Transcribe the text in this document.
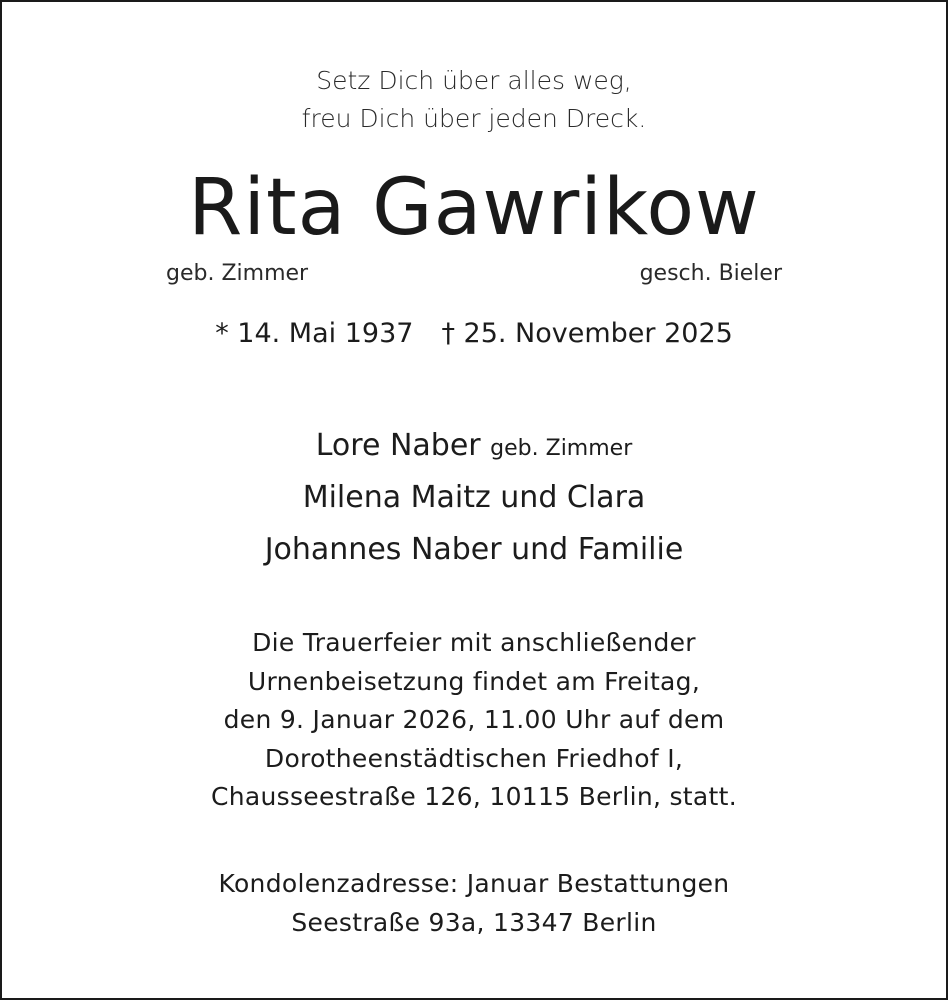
Setz Dich über alles weg,
freu Dich über jeden Dreck.
Rita Gawrikow
geb. Zimmer	gesch. Bieler
* 14. Mai 1937 † 25. November 2025
Lore Naber geb. Zimmer
Milena Maitz und Clara
Johannes Naber und Familie
Die Trauerfeier mit anschließender
Urnenbeisetzung findet am Freitag,
den 9. Januar 2026, 11.00 Uhr auf dem
Dorotheenstädtischen Friedhof I,
Chausseestraße 126, 10115 Berlin, statt.
Kondolenzadresse: Januar Bestattungen
Seestraße 93a, 13347 Berlin
